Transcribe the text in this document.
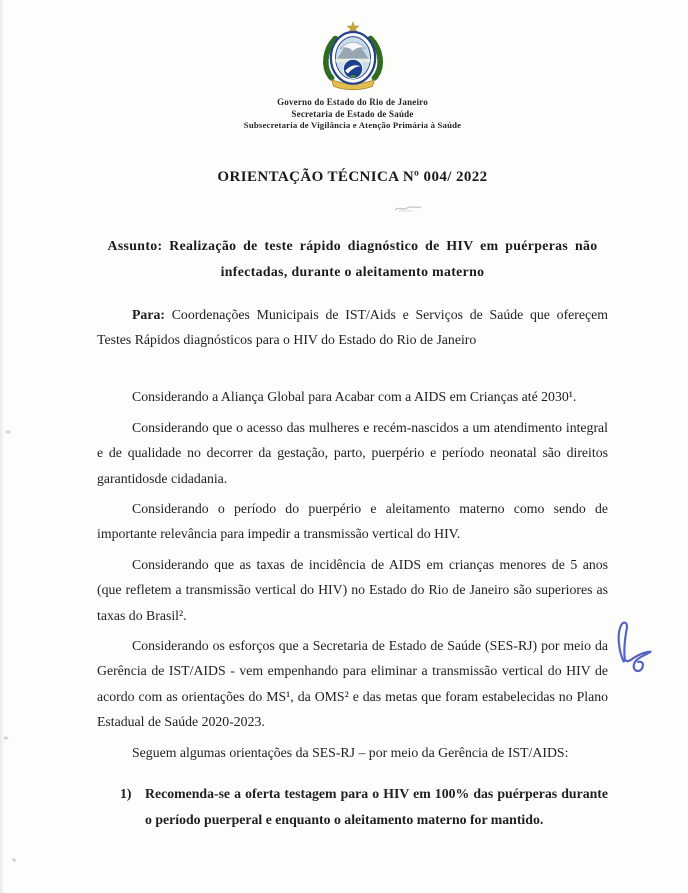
Governo do Estado do Rio de Janeiro
Secretaria de Estado de Saúde
Subsecretaria de Vigilância e Atenção Primária à Saúde
ORIENTAÇÃO TÉCNICA Nº 004/ 2022
Assunto: Realização de teste rápido diagnóstico de HIV em puérperas não
infectadas, durante o aleitamento materno
Para: Coordenações Municipais de IST/Aids e Serviços de Saúde que ofereçem Testes Rápidos diagnósticos para o HIV do Estado do Rio de Janeiro
Considerando a Aliança Global para Acabar com a AIDS em Crianças até 2030¹.
Considerando que o acesso das mulheres e recém-nascidos a um atendimento integral e de qualidade no decorrer da gestação, parto, puerpério e período neonatal são direitos garantidosde cidadania.
Considerando o período do puerpério e aleitamento materno como sendo de importante relevância para impedir a transmissão vertical do HIV.
Considerando que as taxas de incidência de AIDS em crianças menores de 5 anos (que refletem a transmissão vertical do HIV) no Estado do Rio de Janeiro são superiores as taxas do Brasil².
Considerando os esforços que a Secretaria de Estado de Saúde (SES-RJ) por meio da Gerência de IST/AIDS - vem empenhando para eliminar a transmissão vertical do HIV de acordo com as orientações do MS¹, da OMS² e das metas que foram estabelecidas no Plano Estadual de Saúde 2020-2023.
Seguem algumas orientações da SES-RJ – por meio da Gerência de IST/AIDS:
1) Recomenda-se a oferta testagem para o HIV em 100% das puérperas durante o período puerperal e enquanto o aleitamento materno for mantido.
